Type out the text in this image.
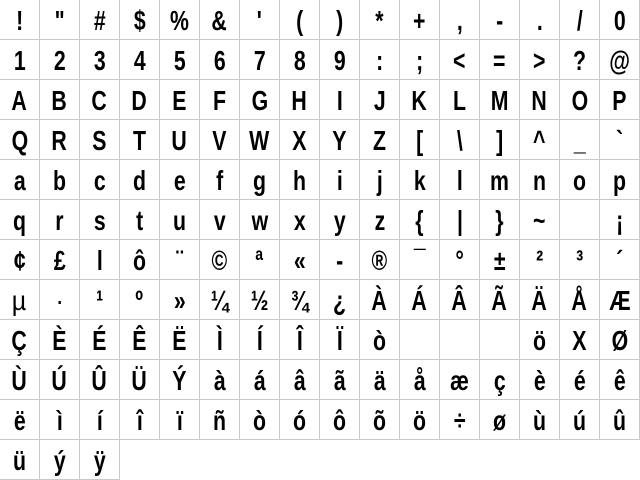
! " # $ % & ' ( ) * + , - . / 0
1 2 3 4 5 6 7 8 9 : ; < = > ? @
A B C D E F G H I J K L M N O P
Q R S T U V W X Y Z [ \ ] ^ _ `
a b c d e f g h i j k l m n o p
q r s t u v w x y z { | } ~	¡
¢ £ l ô ¨ © ª « - ® ¯ ° ± ² ³ ´
µ · ¹ º » ¼ ½ ¾ ¿ À Á Â Ã Ä Å Æ
Ç È É Ê Ë Ì Í Î Ï ò	ö X Ø
Ù Ú Û Ü Ý à á â ã ä å æ ç è é ê
ë ì í î ï ñ ò ó ô õ ö ÷ ø ù ú û
ü ý ÿ
